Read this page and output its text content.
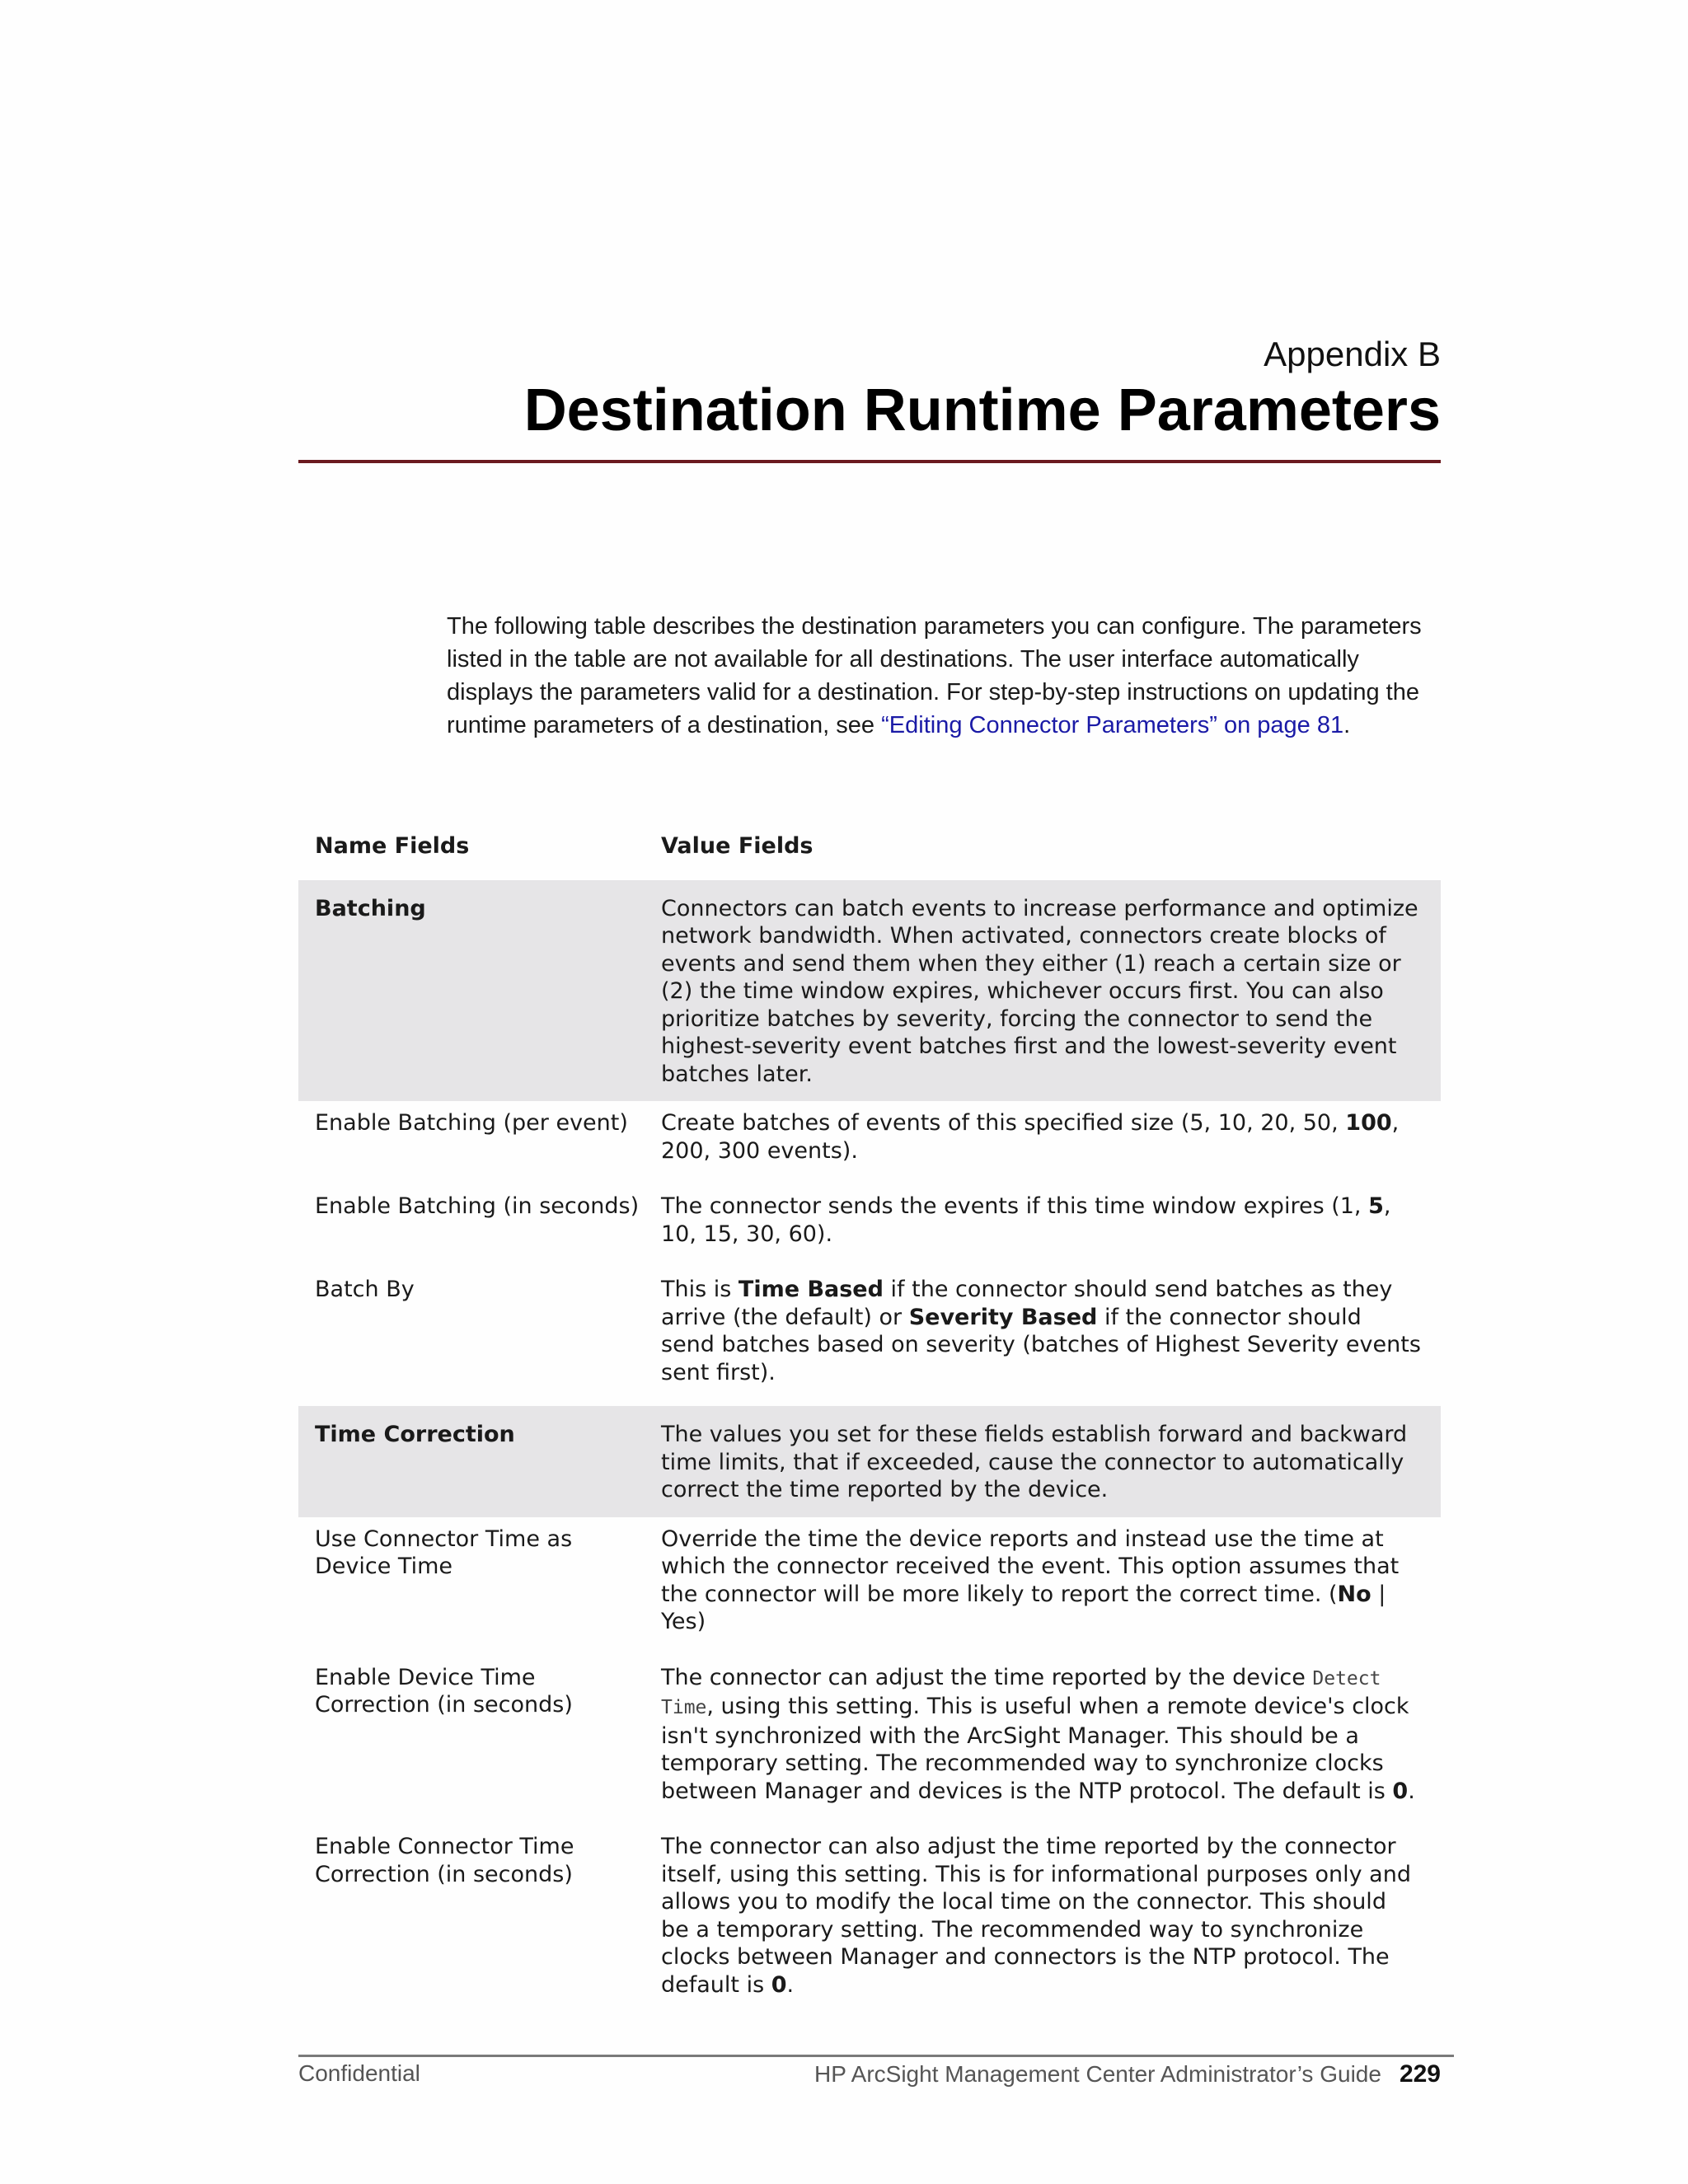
Appendix B
Destination Runtime Parameters

The following table describes the destination parameters you can configure. The parameters listed in the table are not available for all destinations. The user interface automatically displays the parameters valid for a destination. For step-by-step instructions on updating the runtime parameters of a destination, see “Editing Connector Parameters” on page 81.

Name Fields	Value Fields
Batching	Connectors can batch events to increase performance and optimize network bandwidth. When activated, connectors create blocks of events and send them when they either (1) reach a certain size or (2) the time window expires, whichever occurs first. You can also prioritize batches by severity, forcing the connector to send the highest-severity event batches first and the lowest-severity event batches later.
Enable Batching (per event)	Create batches of events of this specified size (5, 10, 20, 50, 100, 200, 300 events).
Enable Batching (in seconds)	The connector sends the events if this time window expires (1, 5, 10, 15, 30, 60).
Batch By	This is Time Based if the connector should send batches as they arrive (the default) or Severity Based if the connector should send batches based on severity (batches of Highest Severity events sent first).
Time Correction	The values you set for these fields establish forward and backward time limits, that if exceeded, cause the connector to automatically correct the time reported by the device.
Use Connector Time as Device Time	Override the time the device reports and instead use the time at which the connector received the event. This option assumes that the connector will be more likely to report the correct time. (No | Yes)
Enable Device Time Correction (in seconds)	The connector can adjust the time reported by the device Detect Time, using this setting. This is useful when a remote device's clock isn't synchronized with the ArcSight Manager. This should be a temporary setting. The recommended way to synchronize clocks between Manager and devices is the NTP protocol. The default is 0.
Enable Connector Time Correction (in seconds)	The connector can also adjust the time reported by the connector itself, using this setting. This is for informational purposes only and allows you to modify the local time on the connector. This should be a temporary setting. The recommended way to synchronize clocks between Manager and connectors is the NTP protocol. The default is 0.
Confidential	HP ArcSight Management Center Administrator’s Guide 229
